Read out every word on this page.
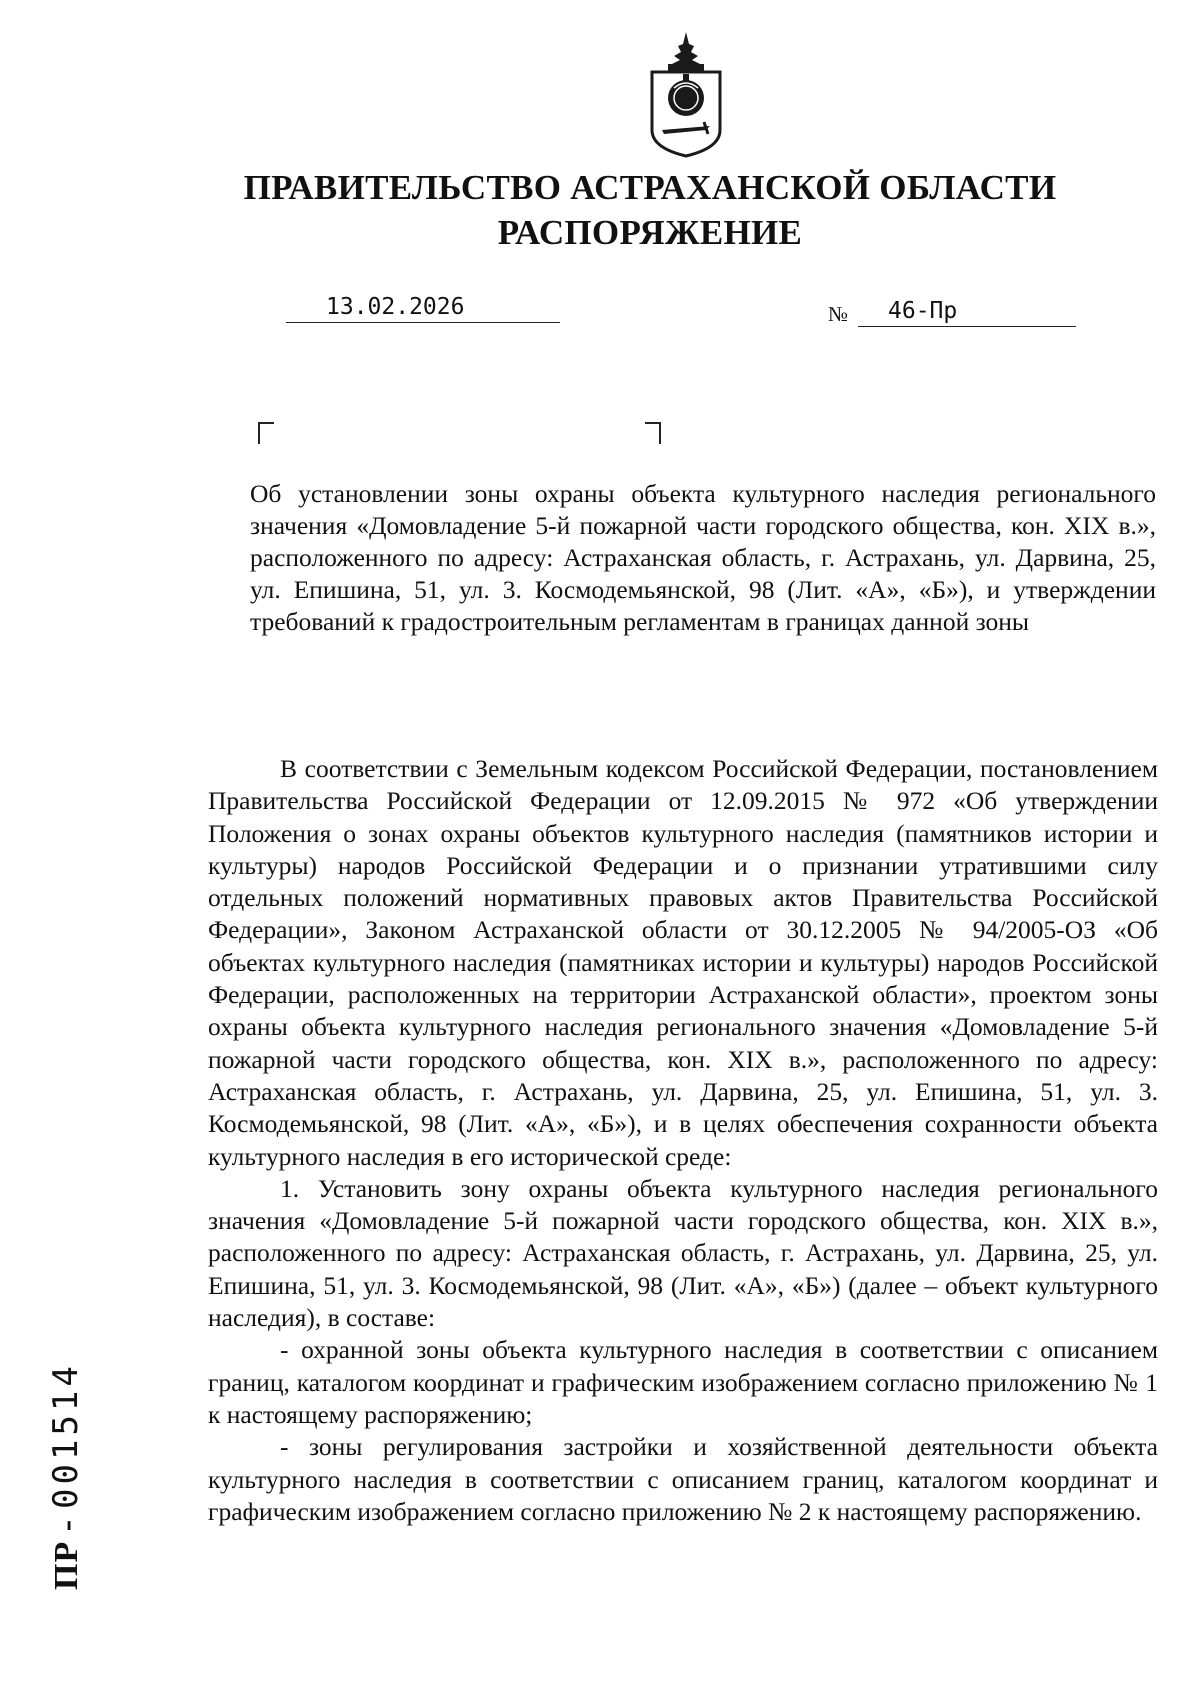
ПРАВИТЕЛЬСТВО АСТРАХАНСКОЙ ОБЛАСТИ
РАСПОРЯЖЕНИЕ
13.02.2026	№ 46-Пр
Об установлении зоны охраны объекта культурного наследия регионального значения «Домовладение 5-й пожарной части городского общества, кон. XIX в.», расположенного по адресу: Астраханская область, г. Астрахань, ул. Дарвина, 25, ул. Епишина, 51, ул. 3. Космодемьянской, 98 (Лит. «А», «Б»), и утверждении требований к градостроительным регламентам в границах данной зоны

В соответствии с Земельным кодексом Российской Федерации, постановлением Правительства Российской Федерации от 12.09.2015 № 972 «Об утверждении Положения о зонах охраны объектов культурного наследия (памятников истории и культуры) народов Российской Федерации и о признании утратившими силу отдельных положений нормативных правовых актов Правительства Российской Федерации», Законом Астраханской области от 30.12.2005 № 94/2005-ОЗ «Об объектах культурного наследия (памятниках истории и культуры) народов Российской Федерации, расположенных на территории Астраханской области», проектом зоны охраны объекта культурного наследия регионального значения «Домовладение 5-й пожарной части городского общества, кон. XIX в.», расположенного по адресу: Астраханская область, г. Астрахань, ул. Дарвина, 25, ул. Епишина, 51, ул. 3. Космодемьянской, 98 (Лит. «А», «Б»), и в целях обеспечения сохранности объекта культурного наследия в его исторической среде:

1. Установить зону охраны объекта культурного наследия регионального значения «Домовладение 5-й пожарной части городского общества, кон. XIX в.», расположенного по адресу: Астраханская область, г. Астрахань, ул. Дарвина, 25, ул. Епишина, 51, ул. 3. Космодемьянской, 98 (Лит. «А», «Б») (далее – объект культурного наследия), в составе:

- охранной зоны объекта культурного наследия в соответствии с описанием границ, каталогом координат и графическим изображением согласно приложению № 1 к настоящему распоряжению;

- зоны регулирования застройки и хозяйственной деятельности объекта культурного наследия в соответствии с описанием границ, каталогом координат и графическим изображением согласно приложению № 2 к настоящему распоряжению.

ПР -001514
